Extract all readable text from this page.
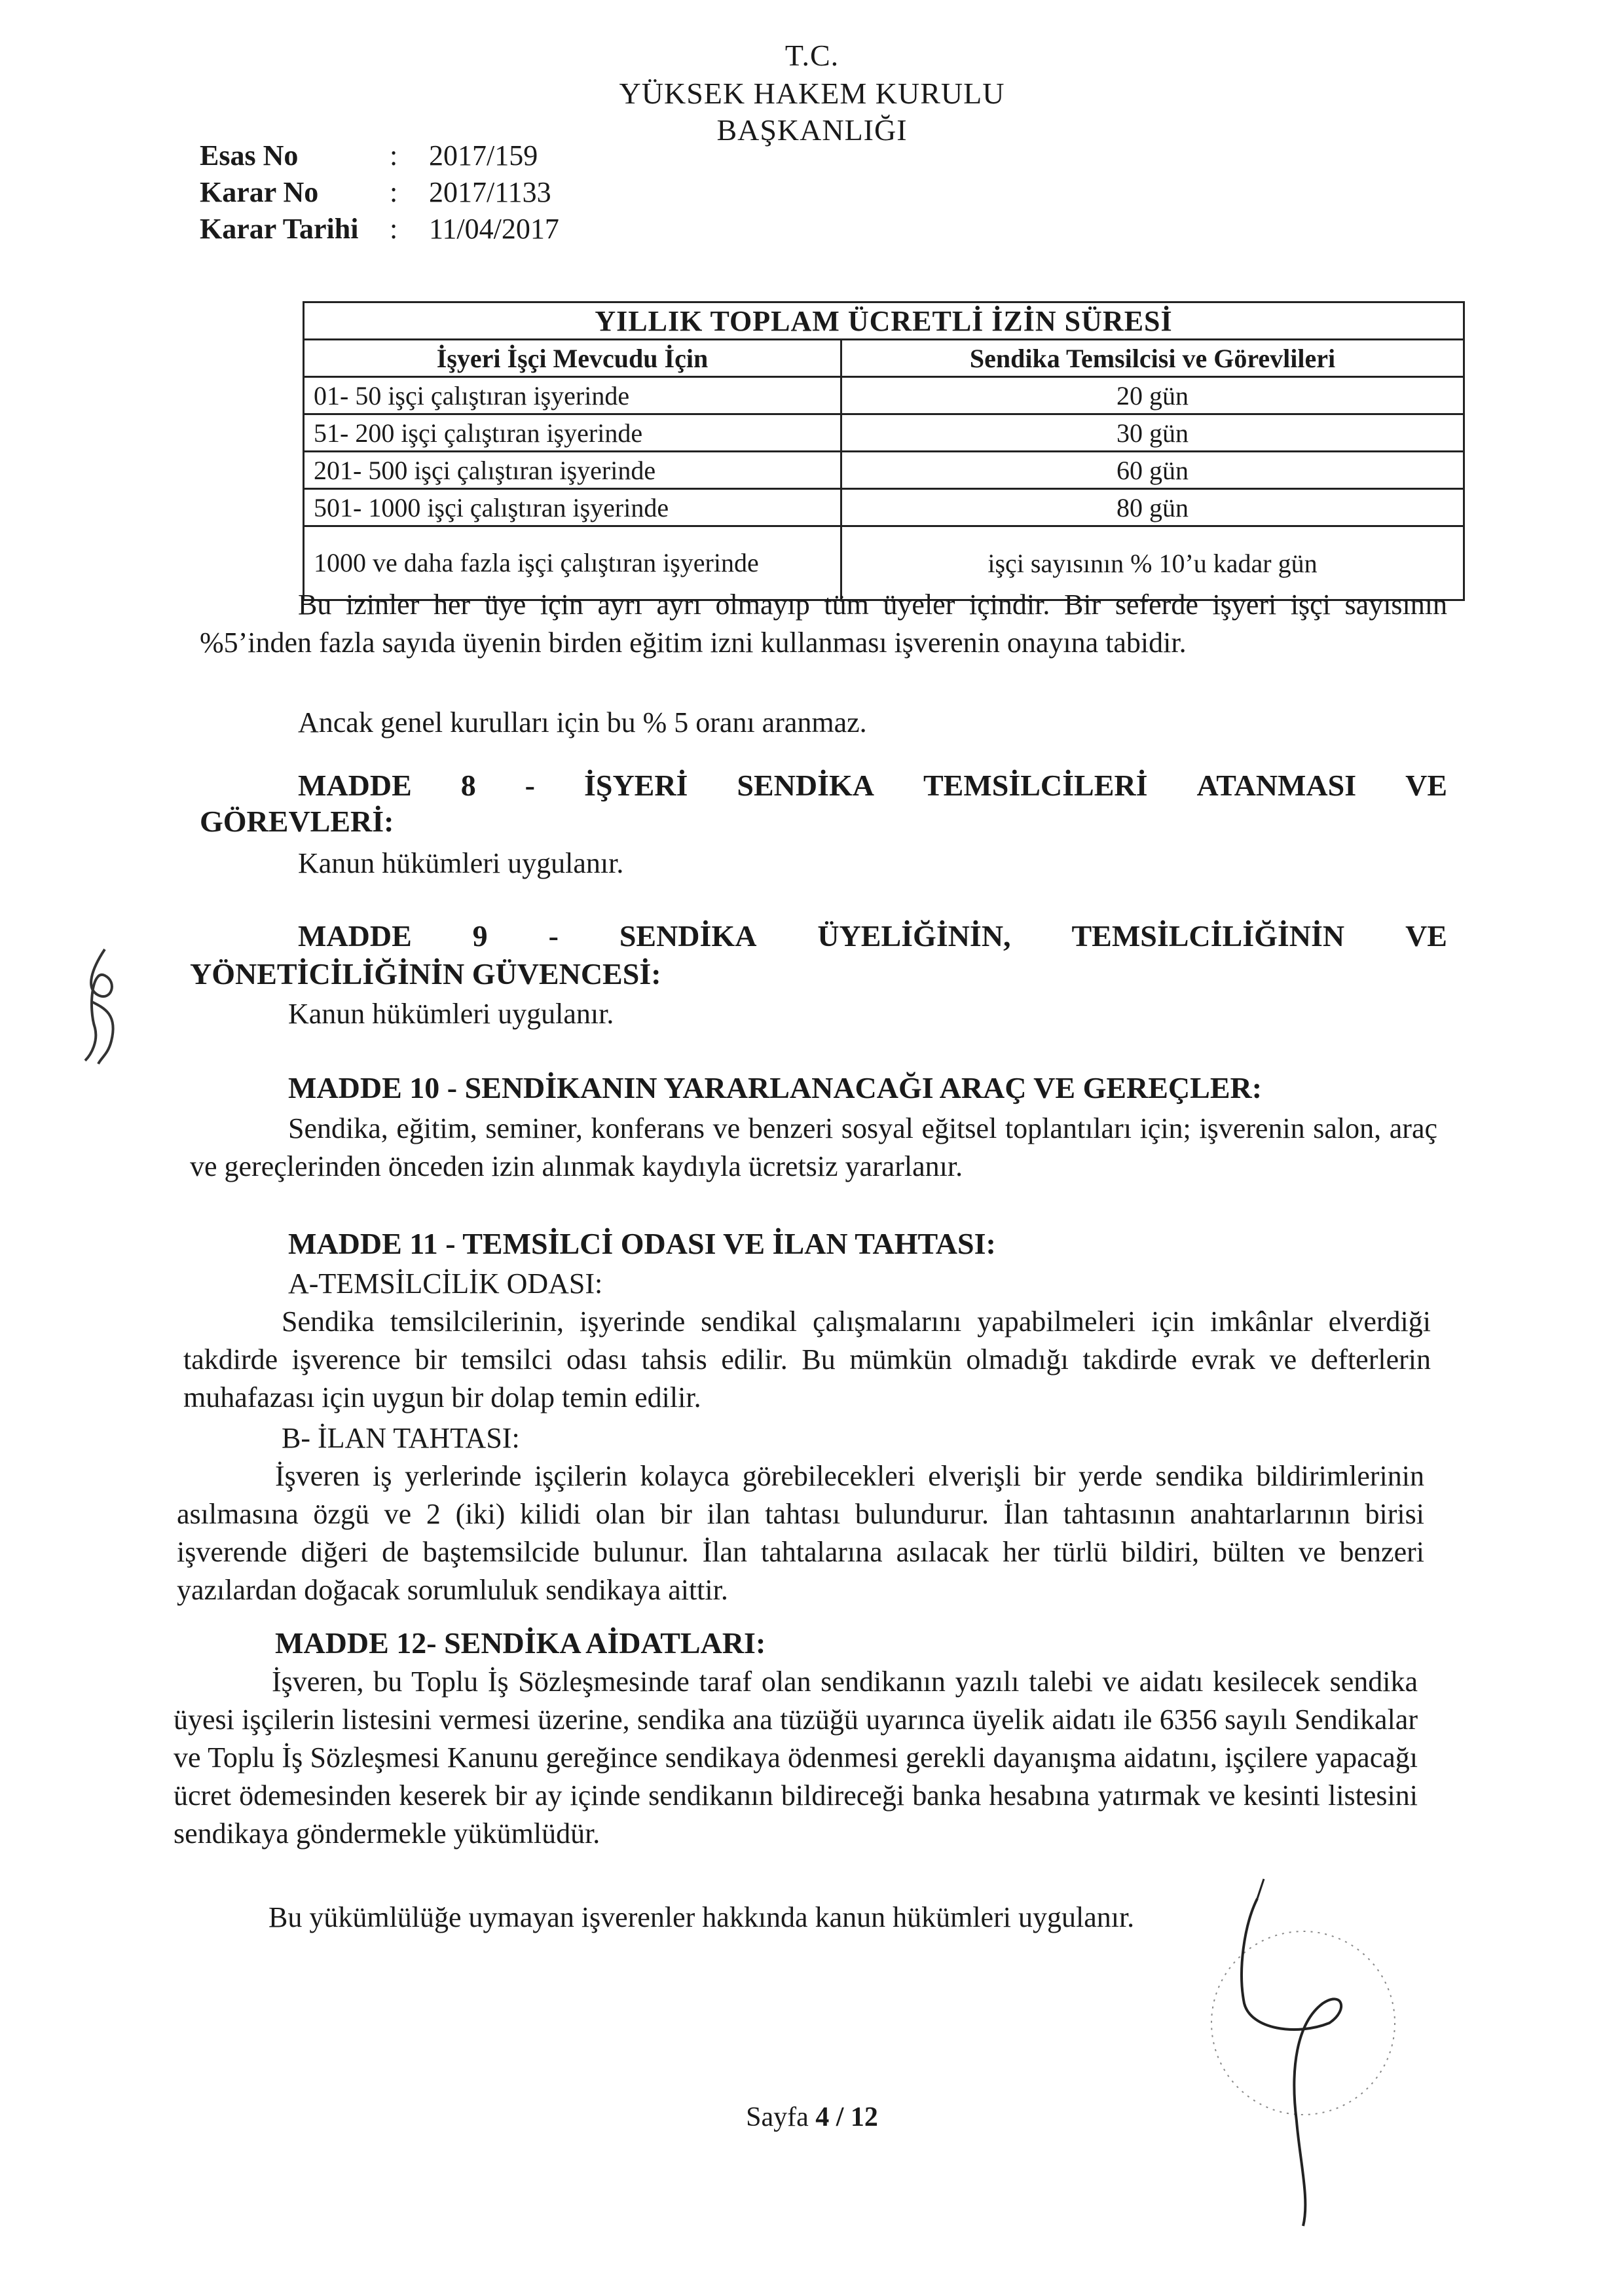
T.C.
YÜKSEK HAKEM KURULU
BAŞKANLIĞI
Esas No	: 2017/159
Karar No : 2017/1133
Karar Tarihi : 11/04/2017
YILLIK TOPLAM ÜCRETLİ İZİN SÜRESİ	
İşyeri İşçi Mevcudu İçin	Sendika Temsilcisi ve Görevlileri
01- 50 işçi çalıştıran işyerinde	20 gün
51- 200 işçi çalıştıran işyerinde	30 gün
201- 500 işçi çalıştıran işyerinde	60 gün
501- 1000 işçi çalıştıran işyerinde	80 gün
1000 ve daha fazla işçi çalıştıran işyerinde	işçi sayısının % 10’u kadar gün
Bu izinler her üye için ayrı ayrı olmayıp tüm üyeler içindir. Bir seferde işyeri işçi sayısının %5’inden fazla sayıda üyenin birden eğitim izni kullanması işverenin onayına tabidir.
Ancak genel kurulları için bu % 5 oranı aranmaz.
MADDE 8 - İŞYERİ SENDİKA TEMSİLCİLERİ ATANMASI VE
GÖREVLERİ:
Kanun hükümleri uygulanır.
MADDE 9 - SENDİKA ÜYELİĞİNİN, TEMSİLCİLİĞİNİN VE
YÖNETİCİLİĞİNİN GÜVENCESİ:
Kanun hükümleri uygulanır.
MADDE 10 - SENDİKANIN YARARLANACAĞI ARAÇ VE GEREÇLER:
Sendika, eğitim, seminer, konferans ve benzeri sosyal eğitsel toplantıları için; işverenin salon, araç ve gereçlerinden önceden izin alınmak kaydıyla ücretsiz yararlanır.
MADDE 11 - TEMSİLCİ ODASI VE İLAN TAHTASI:
A-TEMSİLCİLİK ODASI:
Sendika temsilcilerinin, işyerinde sendikal çalışmalarını yapabilmeleri için imkânlar elverdiği takdirde işverence bir temsilci odası tahsis edilir. Bu mümkün olmadığı takdirde evrak ve defterlerin muhafazası için uygun bir dolap temin edilir.
B- İLAN TAHTASI:
İşveren iş yerlerinde işçilerin kolayca görebilecekleri elverişli bir yerde sendika bildirimlerinin asılmasına özgü ve 2 (iki) kilidi olan bir ilan tahtası bulundurur. İlan tahtasının anahtarlarının birisi işverende diğeri de baştemsilcide bulunur. İlan tahtalarına asılacak her türlü bildiri, bülten ve benzeri yazılardan doğacak sorumluluk sendikaya aittir.
MADDE 12- SENDİKA AİDATLARI:
İşveren, bu Toplu İş Sözleşmesinde taraf olan sendikanın yazılı talebi ve aidatı kesilecek sendika üyesi işçilerin listesini vermesi üzerine, sendika ana tüzüğü uyarınca üyelik aidatı ile 6356 sayılı Sendikalar ve Toplu İş Sözleşmesi Kanunu gereğince sendikaya ödenmesi gerekli dayanışma aidatını, işçilere yapacağı ücret ödemesinden keserek bir ay içinde sendikanın bildireceği banka hesabına yatırmak ve kesinti listesini sendikaya göndermekle yükümlüdür.
Bu yükümlülüğe uymayan işverenler hakkında kanun hükümleri uygulanır.
Sayfa 4 / 12
